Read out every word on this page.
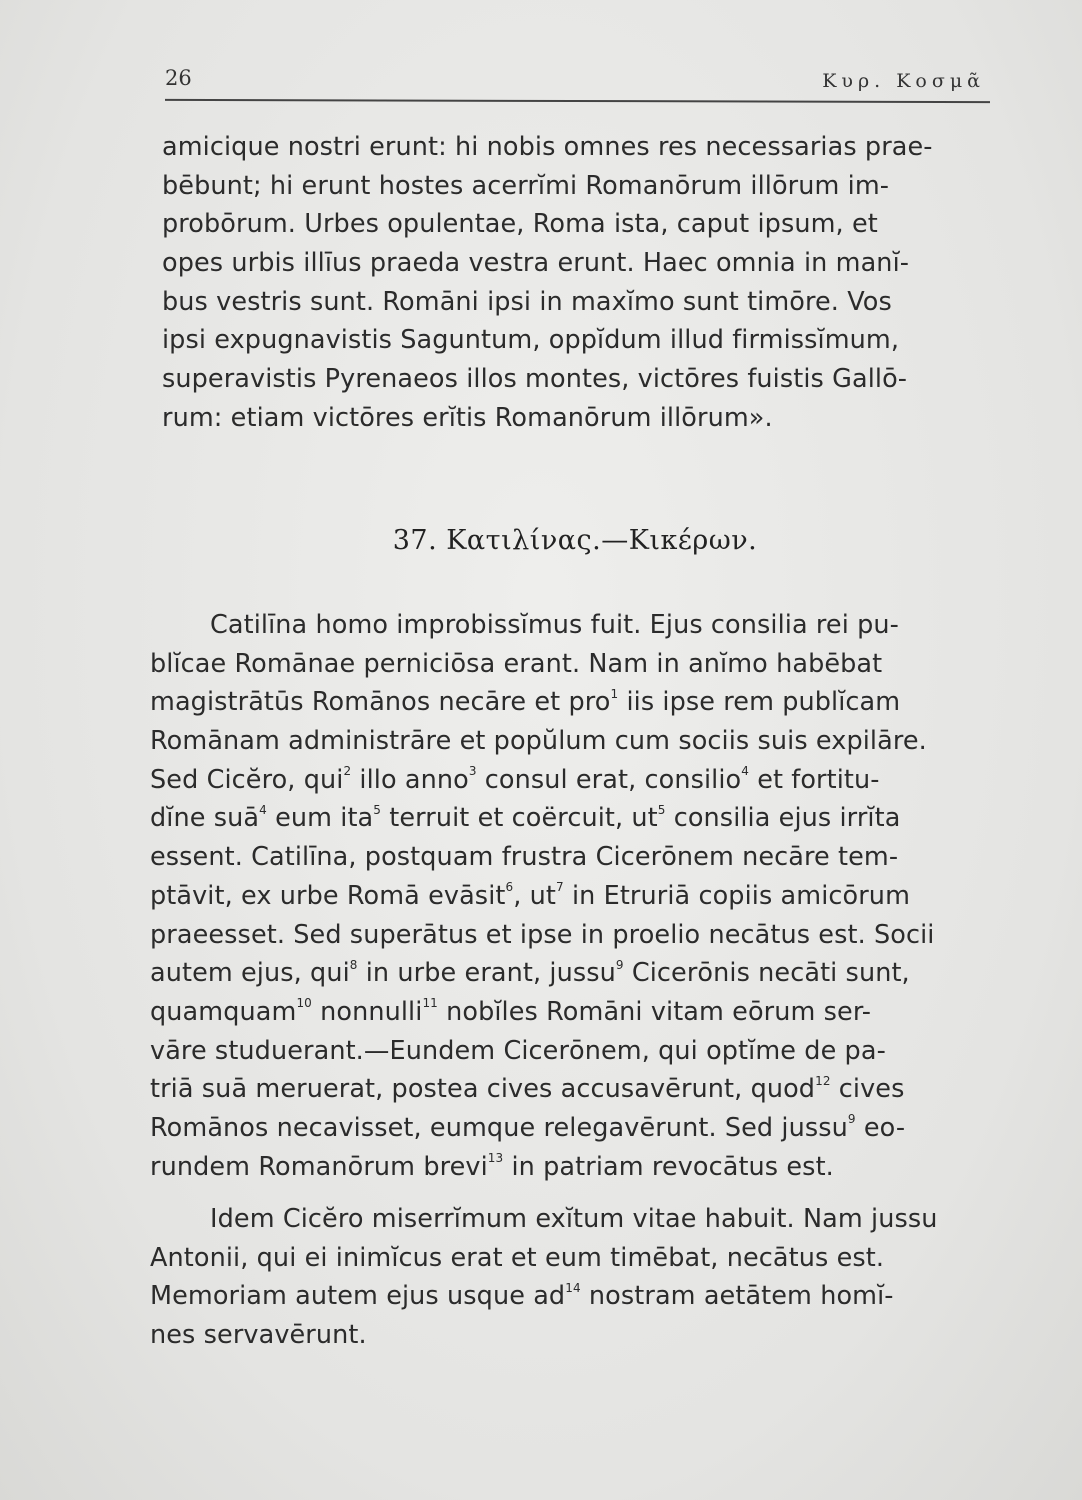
26	Κυρ. Κοσμᾶ
amicique nostri erunt: hi nobis omnes res necessarias prae-
bēbunt; hi erunt hostes acerrĭmi Romanōrum illōrum im-
probōrum. Urbes opulentae, Roma ista, caput ipsum, et
opes urbis illīus praeda vestra erunt. Haec omnia in manĭ-
bus vestris sunt. Romāni ipsi in maxĭmo sunt timōre. Vos
ipsi expugnavistis Saguntum, oppĭdum illud firmissĭmum,
superavistis Pyrenaeos illos montes, victōres fuistis Gallō-
rum: etiam victōres erĭtis Romanōrum illōrum».
37. Κατιλίνας.—Κικέρων.
Catilīna homo improbissĭmus fuit. Ejus consilia rei pu-
blĭcae Romānae perniciōsa erant. Nam in anĭmo habēbat
magistrātūs Romānos necāre et pro$^1$ iis ipse rem publĭcam
Romānam administrāre et popŭlum cum sociis suis expilāre.
Sed Cicĕro, qui$^2$ illo anno$^3$ consul erat, consilio$^4$ et fortitu-
dĭne suā$^4$ eum ita$^5$ terruit et coërcuit, $ut^5$ consilia ejus irrĭta
essent. Catilīna, postquam frustra Cicerōnem necāre tem-
ptāvit, ex urbe Romā evāsit$^6$, $ut^7$ in Etruriā copiis amicōrum
praeesset. Sed superātus et ipse in proelio necātus est. Socii
autem ejus, qui$^8$ in urbe erant, jussu$^9$ Cicerōnis necāti sunt,
quamquam$^{10}$ nonnulli$^{11}$ nobĭles Romāni vitam eōrum ser-
vāre studuerant.—Eundem Cicerōnem, qui optĭme de pa-
triā suā meruerat, postea cives accusavērunt, quod$^{12}$ cives
Romānos necavisset, eumque relegavērunt. Sed jussu$^9$ eo-
rundem Romanōrum brevi$^{13}$ in patriam revocātus est.
Idem Cicĕro miserrĭmum exĭtum vitae habuit. Nam jussu
Antonii, qui ei inimĭcus erat et eum timēbat, necātus est.
Memoriam autem ejus usque $ad^{14}$ nostram aetātem homĭ-
nes servavērunt.
